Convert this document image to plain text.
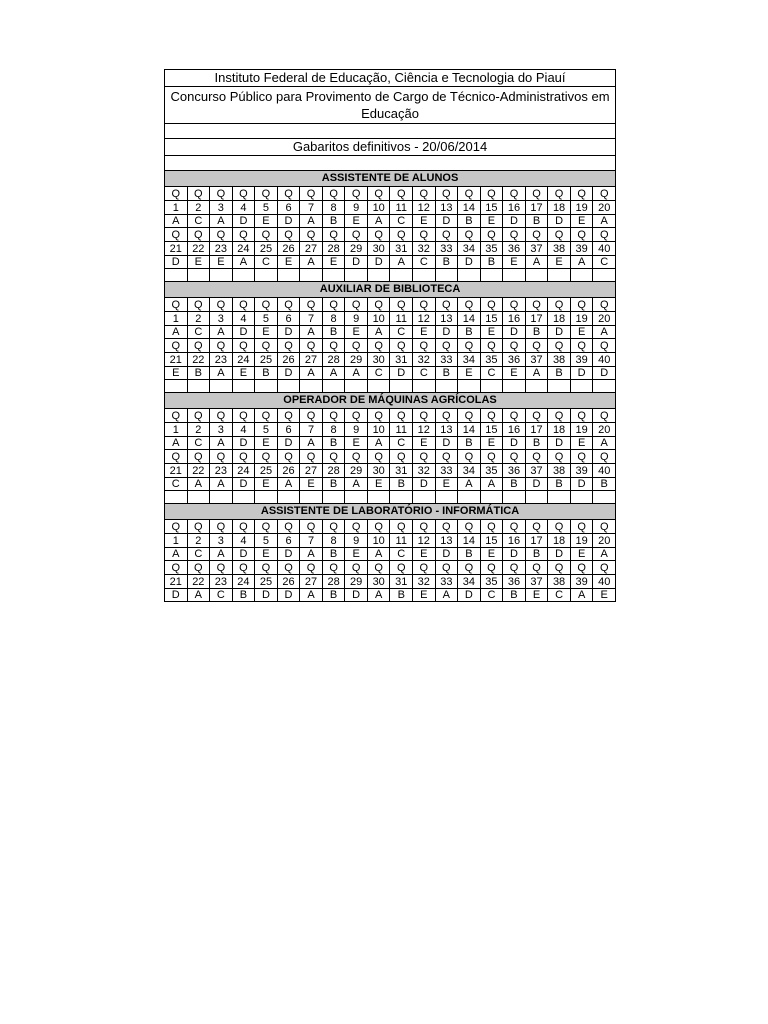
Instituto Federal de Educação, Ciência e Tecnologia do Piauí																			
Concurso Público para Provimento de Cargo de Técnico-Administrativos em Educação																			

Gabaritos definitivos - 20/06/2014																			

ASSISTENTE DE ALUNOS																			
Q	Q	Q	Q	Q	Q	Q	Q	Q	Q	Q	Q	Q	Q	Q	Q	Q	Q	Q	Q
1	2	3	4	5	6	7	8	9	10	11	12	13	14	15	16	17	18	19	20
A	C	A	D	E	D	A	B	E	A	C	E	D	B	E	D	B	D	E	A
Q	Q	Q	Q	Q	Q	Q	Q	Q	Q	Q	Q	Q	Q	Q	Q	Q	Q	Q	Q
21	22	23	24	25	26	27	28	29	30	31	32	33	34	35	36	37	38	39	40
D	E	E	A	C	E	A	E	D	D	A	C	B	D	B	E	A	E	A	C

AUXILIAR DE BIBLIOTECA																			
Q	Q	Q	Q	Q	Q	Q	Q	Q	Q	Q	Q	Q	Q	Q	Q	Q	Q	Q	Q
1	2	3	4	5	6	7	8	9	10	11	12	13	14	15	16	17	18	19	20
A	C	A	D	E	D	A	B	E	A	C	E	D	B	E	D	B	D	E	A
Q	Q	Q	Q	Q	Q	Q	Q	Q	Q	Q	Q	Q	Q	Q	Q	Q	Q	Q	Q
21	22	23	24	25	26	27	28	29	30	31	32	33	34	35	36	37	38	39	40
E	B	A	E	B	D	A	A	A	C	D	C	B	E	C	E	A	B	D	D

OPERADOR DE MÁQUINAS AGRÍCOLAS																			
Q	Q	Q	Q	Q	Q	Q	Q	Q	Q	Q	Q	Q	Q	Q	Q	Q	Q	Q	Q
1	2	3	4	5	6	7	8	9	10	11	12	13	14	15	16	17	18	19	20
A	C	A	D	E	D	A	B	E	A	C	E	D	B	E	D	B	D	E	A
Q	Q	Q	Q	Q	Q	Q	Q	Q	Q	Q	Q	Q	Q	Q	Q	Q	Q	Q	Q
21	22	23	24	25	26	27	28	29	30	31	32	33	34	35	36	37	38	39	40
C	A	A	D	E	A	E	B	A	E	B	D	E	A	A	B	D	B	D	B

ASSISTENTE DE LABORATÓRIO - INFORMÁTICA																			
Q	Q	Q	Q	Q	Q	Q	Q	Q	Q	Q	Q	Q	Q	Q	Q	Q	Q	Q	Q
1	2	3	4	5	6	7	8	9	10	11	12	13	14	15	16	17	18	19	20
A	C	A	D	E	D	A	B	E	A	C	E	D	B	E	D	B	D	E	A
Q	Q	Q	Q	Q	Q	Q	Q	Q	Q	Q	Q	Q	Q	Q	Q	Q	Q	Q	Q
21	22	23	24	25	26	27	28	29	30	31	32	33	34	35	36	37	38	39	40
D	A	C	B	D	D	A	B	D	A	B	E	A	D	C	B	E	C	A	E
